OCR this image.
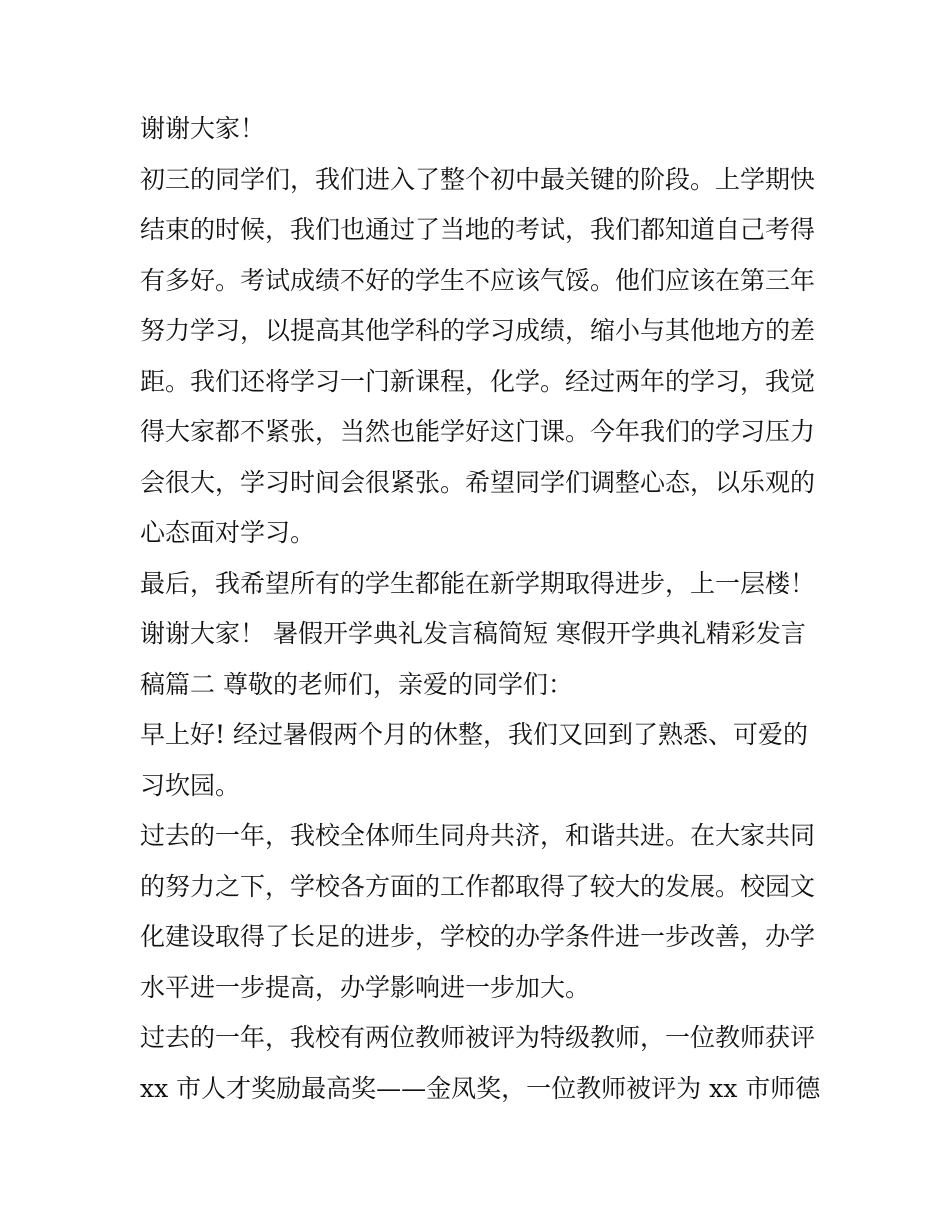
谢谢大家！
初三的同学们，我们进入了整个初中最关键的阶段。上学期快
结束的时候，我们也通过了当地的考试，我们都知道自己考得
有多好。考试成绩不好的学生不应该气馁。他们应该在第三年
努力学习，以提高其他学科的学习成绩，缩小与其他地方的差
距。我们还将学习一门新课程，化学。经过两年的学习，我觉
得大家都不紧张，当然也能学好这门课。今年我们的学习压力
会很大，学习时间会很紧张。希望同学们调整心态，以乐观的
心态面对学习。
最后，我希望所有的学生都能在新学期取得进步，上一层楼！
谢谢大家！ 暑假开学典礼发言稿简短 寒假开学典礼精彩发言
稿篇二 尊敬的老师们，亲爱的同学们：
早上好! 经过暑假两个月的休整，我们又回到了熟悉、可爱的
习坎园。
过去的一年，我校全体师生同舟共济，和谐共进。在大家共同
的努力之下，学校各方面的工作都取得了较大的发展。校园文
化建设取得了长足的进步，学校的办学条件进一步改善，办学
水平进一步提高，办学影响进一步加大。
过去的一年，我校有两位教师被评为特级教师，一位教师获评
xx 市人才奖励最高奖——金凤奖，一位教师被评为 xx 市师德
